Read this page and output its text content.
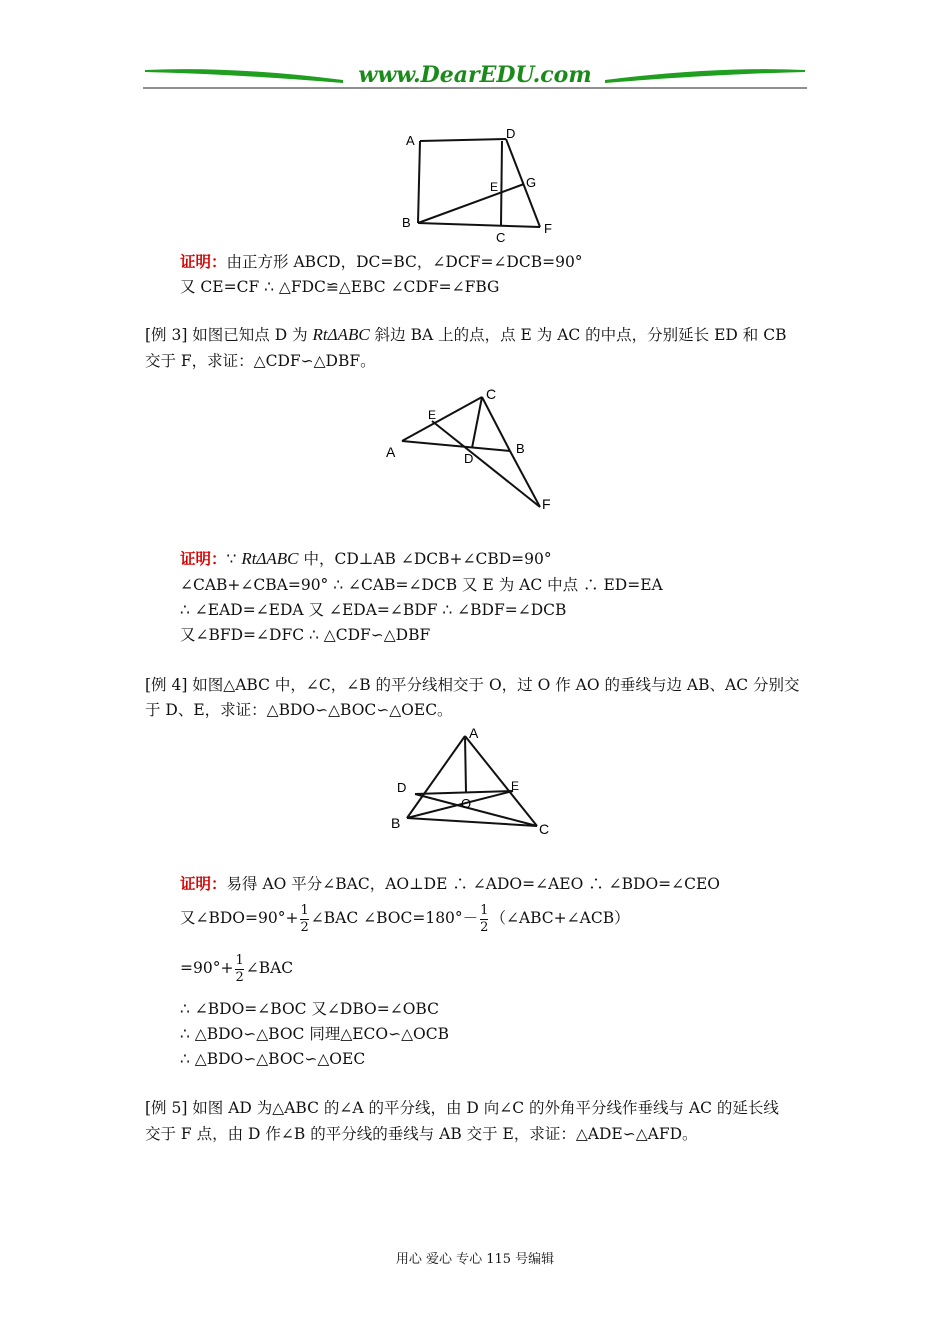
www.DearEDU.com
A	D
E G
B
C
F
证明：由正方形 ABCD，DC=BC，∠DCF=∠DCB=90°
又 CE=CF ∴ △FDC≌△EBC ∠CDF=∠FBG
[例 3] 如图已知点 D 为 RtΔABC 斜边 BA 上的点，点 E 为 AC 的中点，分别延长 ED 和 CB
交于 F，求证：△CDF∽△DBF。
E
C
A	D
B
F
证明：∵ RtΔABC 中，CD⊥AB ∠DCB+∠CBD=90°
∠CAB+∠CBA=90° ∴ ∠CAB=∠DCB 又 E 为 AC 中点 ∴ ED=EA
∴ ∠EAD=∠EDA 又 ∠EDA=∠BDF ∴ ∠BDF=∠DCB
又∠BFD=∠DFC ∴ △CDF∽△DBF
[例 4] 如图△ABC 中，∠C，∠B 的平分线相交于 O，过 O 作 AO 的垂线与边 AB、AC 分别交
于 D、E，求证：△BDO∽△BOC∽△OEC。
A
D	E
O
B	C
证明：易得 AO 平分∠BAC，AO⊥DE ∴ ∠ADO=∠AEO ∴ ∠BDO=∠CEO
又∠BDO=90°+ $\frac{1}{2}$ ∠BAC ∠BOC=180°－ $\frac{1}{2}$ （∠ABC+∠ACB）
$=90^\circ+ \frac{1}{2}$ ∠BAC
∴ ∠BDO=∠BOC 又∠DBO=∠OBC
∴ △BDO∽△BOC 同理△ECO∽△OCB
∴ △BDO∽△BOC∽△OEC
[例 5] 如图 AD 为△ABC 的∠A 的平分线，由 D 向∠C 的外角平分线作垂线与 AC 的延长线
交于 F 点，由 D 作∠B 的平分线的垂线与 AB 交于 E，求证：△ADE∽△AFD。
用心 爱心 专心 115 号编辑
